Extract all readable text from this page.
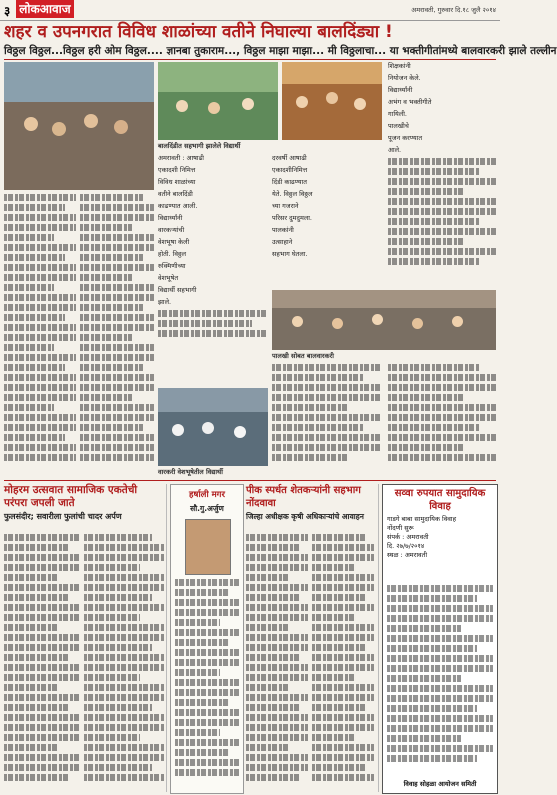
३ लोकआवाज	अमरावती, गुरुवार दि.१८ जुलै २०१४
शहर व उपनगरात विविध शाळांच्या वतीने निघाल्या बालदिंड्या !
विठ्ठल विठ्ठल...विठ्ठल हरी ओम विठ्ठल.... ज्ञानबा तुकाराम..., विठ्ठल माझा माझा... मी विठ्ठलाचा... या भक्तीगीतांमध्ये बालवारकरी झाले तल्लीन

शिक्षकांनी

नियोजन केले.

विद्यार्थ्यांनी

अभंग व भक्तीगीते

गायिली.

पालखीचे

पूजन करण्यात

आले.

बालदिंडीत सहभागी झालेले विद्यार्थी

अमरावती : आषाढी

एकादशी निमित्त

विविध शाळांच्या

वतीने बालदिंडी

काढण्यात आली.

विद्यार्थ्यांनी

वारकऱ्यांची

वेशभूषा केली

होती. विठ्ठल

रुक्मिणीच्या

वेशभूषेत

विद्यार्थी सहभागी

झाले.

दरवर्षी आषाढी

एकादशीनिमित्त

दिंडी काढण्यात

येते. विठ्ठल विठ्ठल

च्या गजराने

परिसर दुमदुमला.

पालकांनी

उत्साहाने

सहभाग घेतला.

पालखी सोबत बालवारकरी
वारकरी वेशभूषेतील विद्यार्थी
मोहरम उत्सवात सामाजिक एकतेची परंपरा जपली जाते
फुलसंदीर; सवारीला फुलांची चादर अर्पण
हर्षाली मगर
सौ.गु.अर्जुण
पीक स्पर्धत शेतकऱ्यांनी सहभाग नोंदवावा
जिल्हा अधीक्षक कृषी अधिकाऱ्यांचे आवाहन
सव्वा रुपयात सामुदायिक विवाह

गाडगे बाबा सामुदायिक विवाह

नोंदणी सुरू

संपर्क : अमरावती

दि. २७/७/२०१४

स्थळ : अमरावती

विवाह सोहळा आयोजन समिती
